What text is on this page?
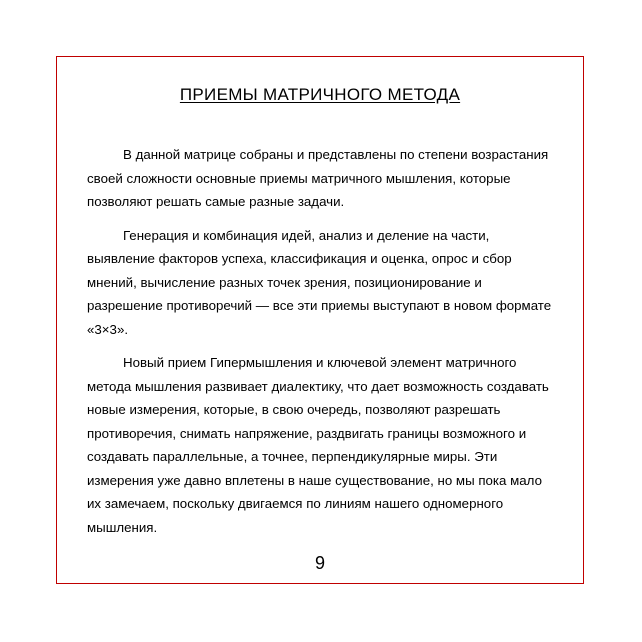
ПРИЕМЫ МАТРИЧНОГО МЕТОДА

В данной матрице собраны и представлены по степени возрастания своей сложности основные приемы матричного мышления, которые позволяют решать самые разные задачи.

Генерация и комбинация идей, анализ и деление на части, выявление факторов успеха, классификация и оценка, опрос и сбор мнений, вычисление разных точек зрения, позиционирование и разрешение противоречий — все эти приемы выступают в новом формате «3×3».

Новый прием Гипермышления и ключевой элемент матричного метода мышления развивает диалектику, что дает возможность создавать новые измерения, которые, в свою очередь, позволяют разрешать противоречия, снимать напряжение, раздвигать границы возможного и создавать параллельные, а точнее, перпендикулярные миры. Эти измерения уже давно вплетены в наше существование, но мы пока мало их замечаем, поскольку двигаемся по линиям нашего одномерного мышления.

9
